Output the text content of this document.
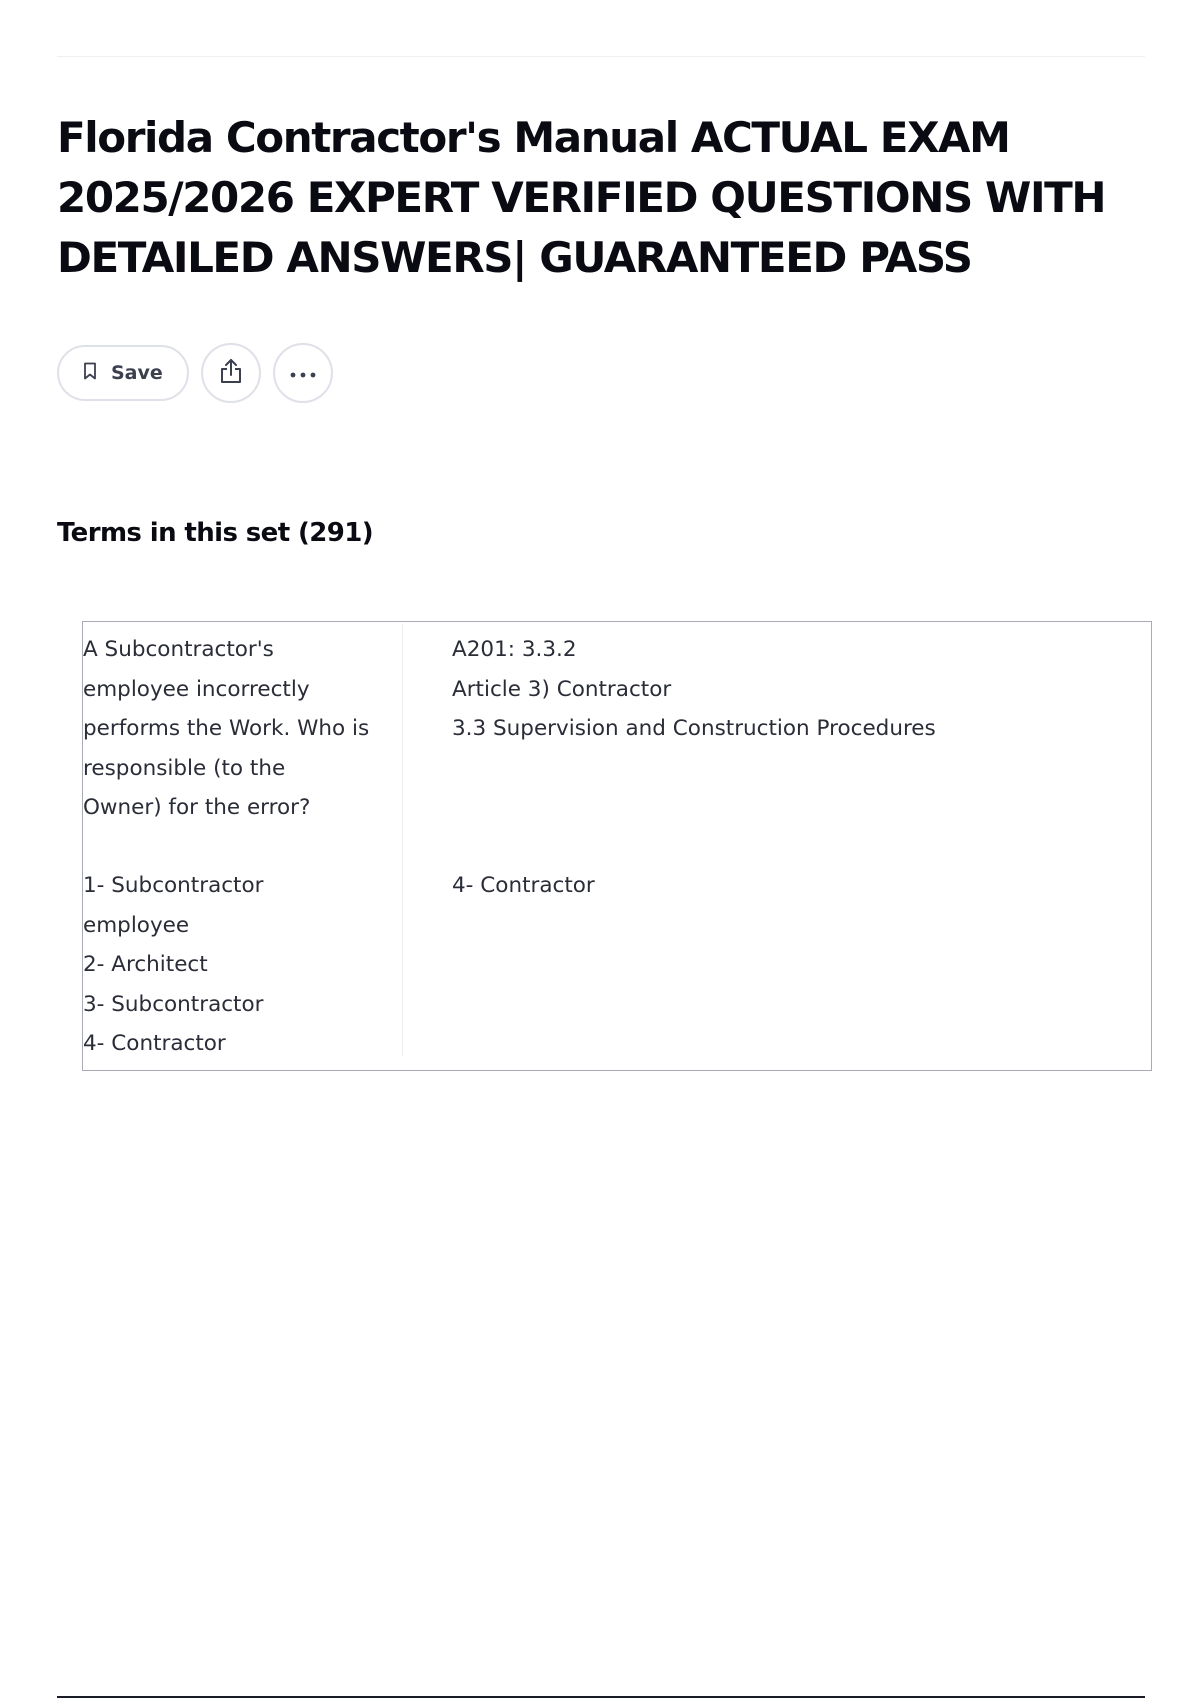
Florida Contractor's Manual ACTUAL EXAM 2025/2026 EXPERT VERIFIED QUESTIONS WITH DETAILED ANSWERS| GUARANTEED PASS
Save
Terms in this set (291)

A Subcontractor's
employee incorrectly
performs the Work. Who is
responsible (to the
Owner) for the error?

1- Subcontractor
employee
2- Architect
3- Subcontractor
4- Contractor

A201: 3.3.2
Article 3) Contractor
3.3 Supervision and Construction Procedures

4- Contractor
